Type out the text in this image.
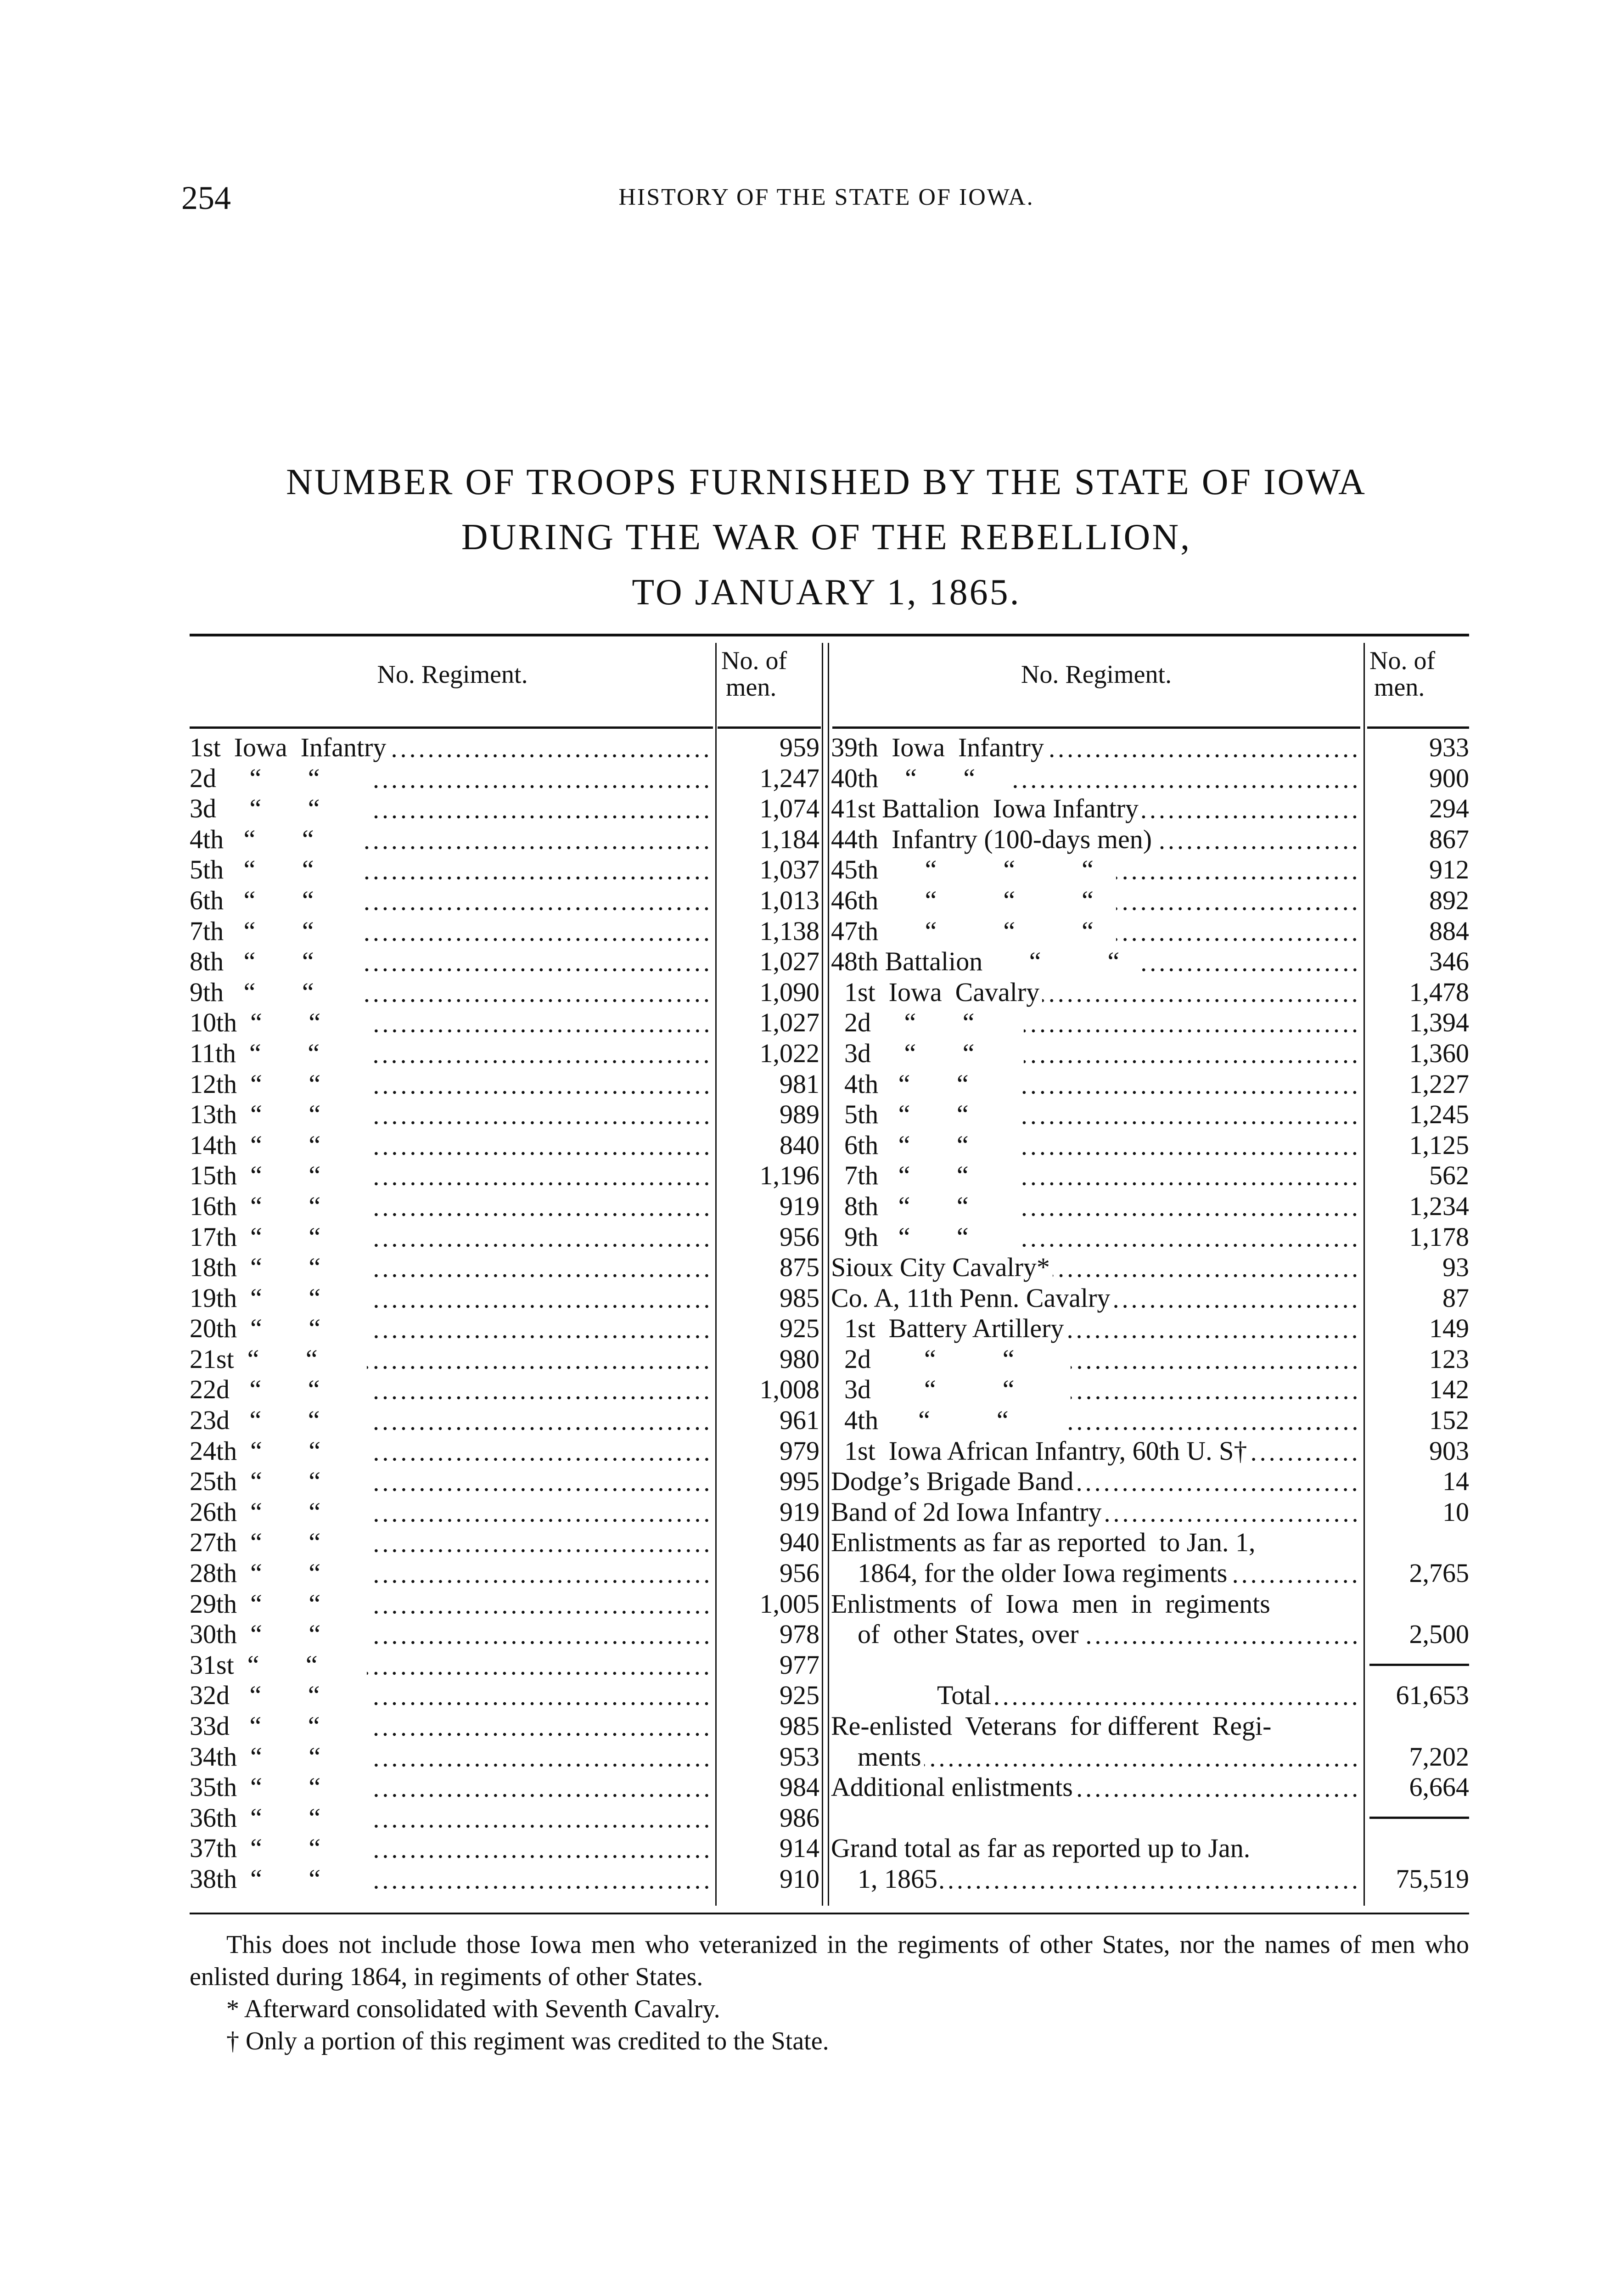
254	HISTORY OF THE STATE OF IOWA.
NUMBER OF TROOPS FURNISHED BY THE STATE OF IOWA
DURING THE WAR OF THE REBELLION,
TO JANUARY 1, 1865.
No. Regiment.	No. of
men.	No. Regiment.	No. of
men.
1st  Iowa  Infantry	959
2d     “       “	1,247
3d     “       “	1,074
4th   “       “	1,184
5th   “       “	1,037
6th   “       “	1,013
7th   “       “	1,138
8th   “       “	1,027
9th   “       “	1,090
10th  “       “	1,027
11th  “       “	1,022
12th  “       “	981
13th  “       “	989
14th  “       “	840
15th  “       “	1,196
16th  “       “	919
17th  “       “	956
18th  “       “	875
19th  “       “	985
20th  “       “	925
21st  “       “	980
22d   “       “	1,008
23d   “       “	961
24th  “       “	979
25th  “       “	995
26th  “       “	919
27th  “       “	940
28th  “       “	956
29th  “       “	1,005
30th  “       “	978
31st  “       “	977
32d   “       “	925
33d   “       “	985
34th  “       “	953
35th  “       “	984
36th  “       “	986
37th  “       “	914
38th  “       “	910
39th  Iowa  Infantry	933
40th    “       “	900
41st Battalion  Iowa Infantry	294
44th  Infantry (100-days men)	867
45th       “          “          “	912
46th       “          “          “	892
47th       “          “          “	884
48th Battalion       “          “	346
1st  Iowa  Cavalry	1,478
2d     “       “	1,394
3d     “       “	1,360
4th   “       “	1,227
5th   “       “	1,245
6th   “       “	1,125
7th   “       “	562
8th   “       “	1,234
9th   “       “	1,178
Sioux City Cavalry*	93
Co. A, 11th Penn. Cavalry	87
1st  Battery Artillery	149
2d        “          “	123
3d        “          “	142
4th      “          “	152
1st  Iowa African Infantry, 60th U. S†	903
Dodge’s Brigade Band	14
Band of 2d Iowa Infantry	10
Enlistments as far as reported  to Jan. 1,
1864, for the older Iowa regiments	2,765
Enlistments  of  Iowa  men  in  regiments
of  other States, over	2,500
Total	61,653
Re-enlisted  Veterans  for different  Regi-
ments	7,202
Additional enlistments	6,664
Grand total as far as reported up to Jan.
1, 1865	75,519

This does not include those Iowa men who veteranized in the regiments of other States, nor the names of men who enlisted during 1864, in regiments of other States.

* Afterward consolidated with Seventh Cavalry.

† Only a portion of this regiment was credited to the State.
